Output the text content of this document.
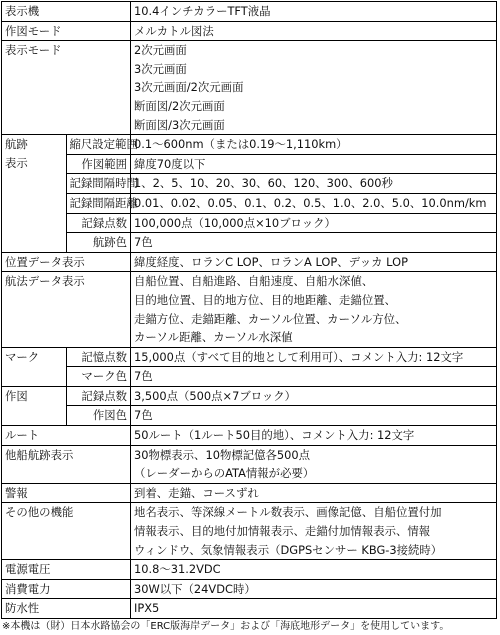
表示機		10.4インチカラーTFT液晶
作図モード		メルカトル図法
表示モード		2次元画面
3次元画面
3次元画面/2次元画面
断面図/2次元画面
断面図/3次元画面

航跡	縮尺設定範囲	0.1～600nm（または0.19～1,110km）
表示	作図範囲	緯度70度以下
	記録間隔時間	1、2、5、10、20、30、60、120、300、600秒
	記録間隔距離	0.01、0.02、0.05、0.1、0.2、0.5、1.0、2.0、5.0、10.0nm/km
	記録点数	100,000点（10,000点×10ブロック）
	航跡色	7色
位置データ表示		緯度経度、ロランC LOP、ロランA LOP、デッカ LOP
航法データ表示		自船位置、自船進路、自船速度、自船水深値、
目的地位置、目的地方位、目的地距離、走錨位置、
走錨方位、走錨距離、カーソル位置、カーソル方位、
カーソル距離、カーソル水深値

マーク	記憶点数	15,000点（すべて目的地として利用可）、コメント入力: 12文字
	マーク色	7色
作図	記録点数	3,500点（500点×7ブロック）
	作図色	7色
ルート		50ルート（1ルート50目的地）、コメント入力: 12文字
他船航跡表示		30物標表示、10物標記億各500点
（レーダーからのATA情報が必要）

警報		到着、走錨、コースずれ
その他の機能		地名表示、等深線メートル数表示、画像記億、自船位置付加
情報表示、目的地付加情報表示、走錨付加情報表示、情報
ウィンドウ、気象情報表示（DGPSセンサー KBG-3接続時）

電源電圧		10.8～31.2VDC
消費電力		30W以下（24VDC時）
防水性		IPX5
※本機は（財）日本水路協会の「ERC版海岸データ」および「海底地形データ」を使用しています。
